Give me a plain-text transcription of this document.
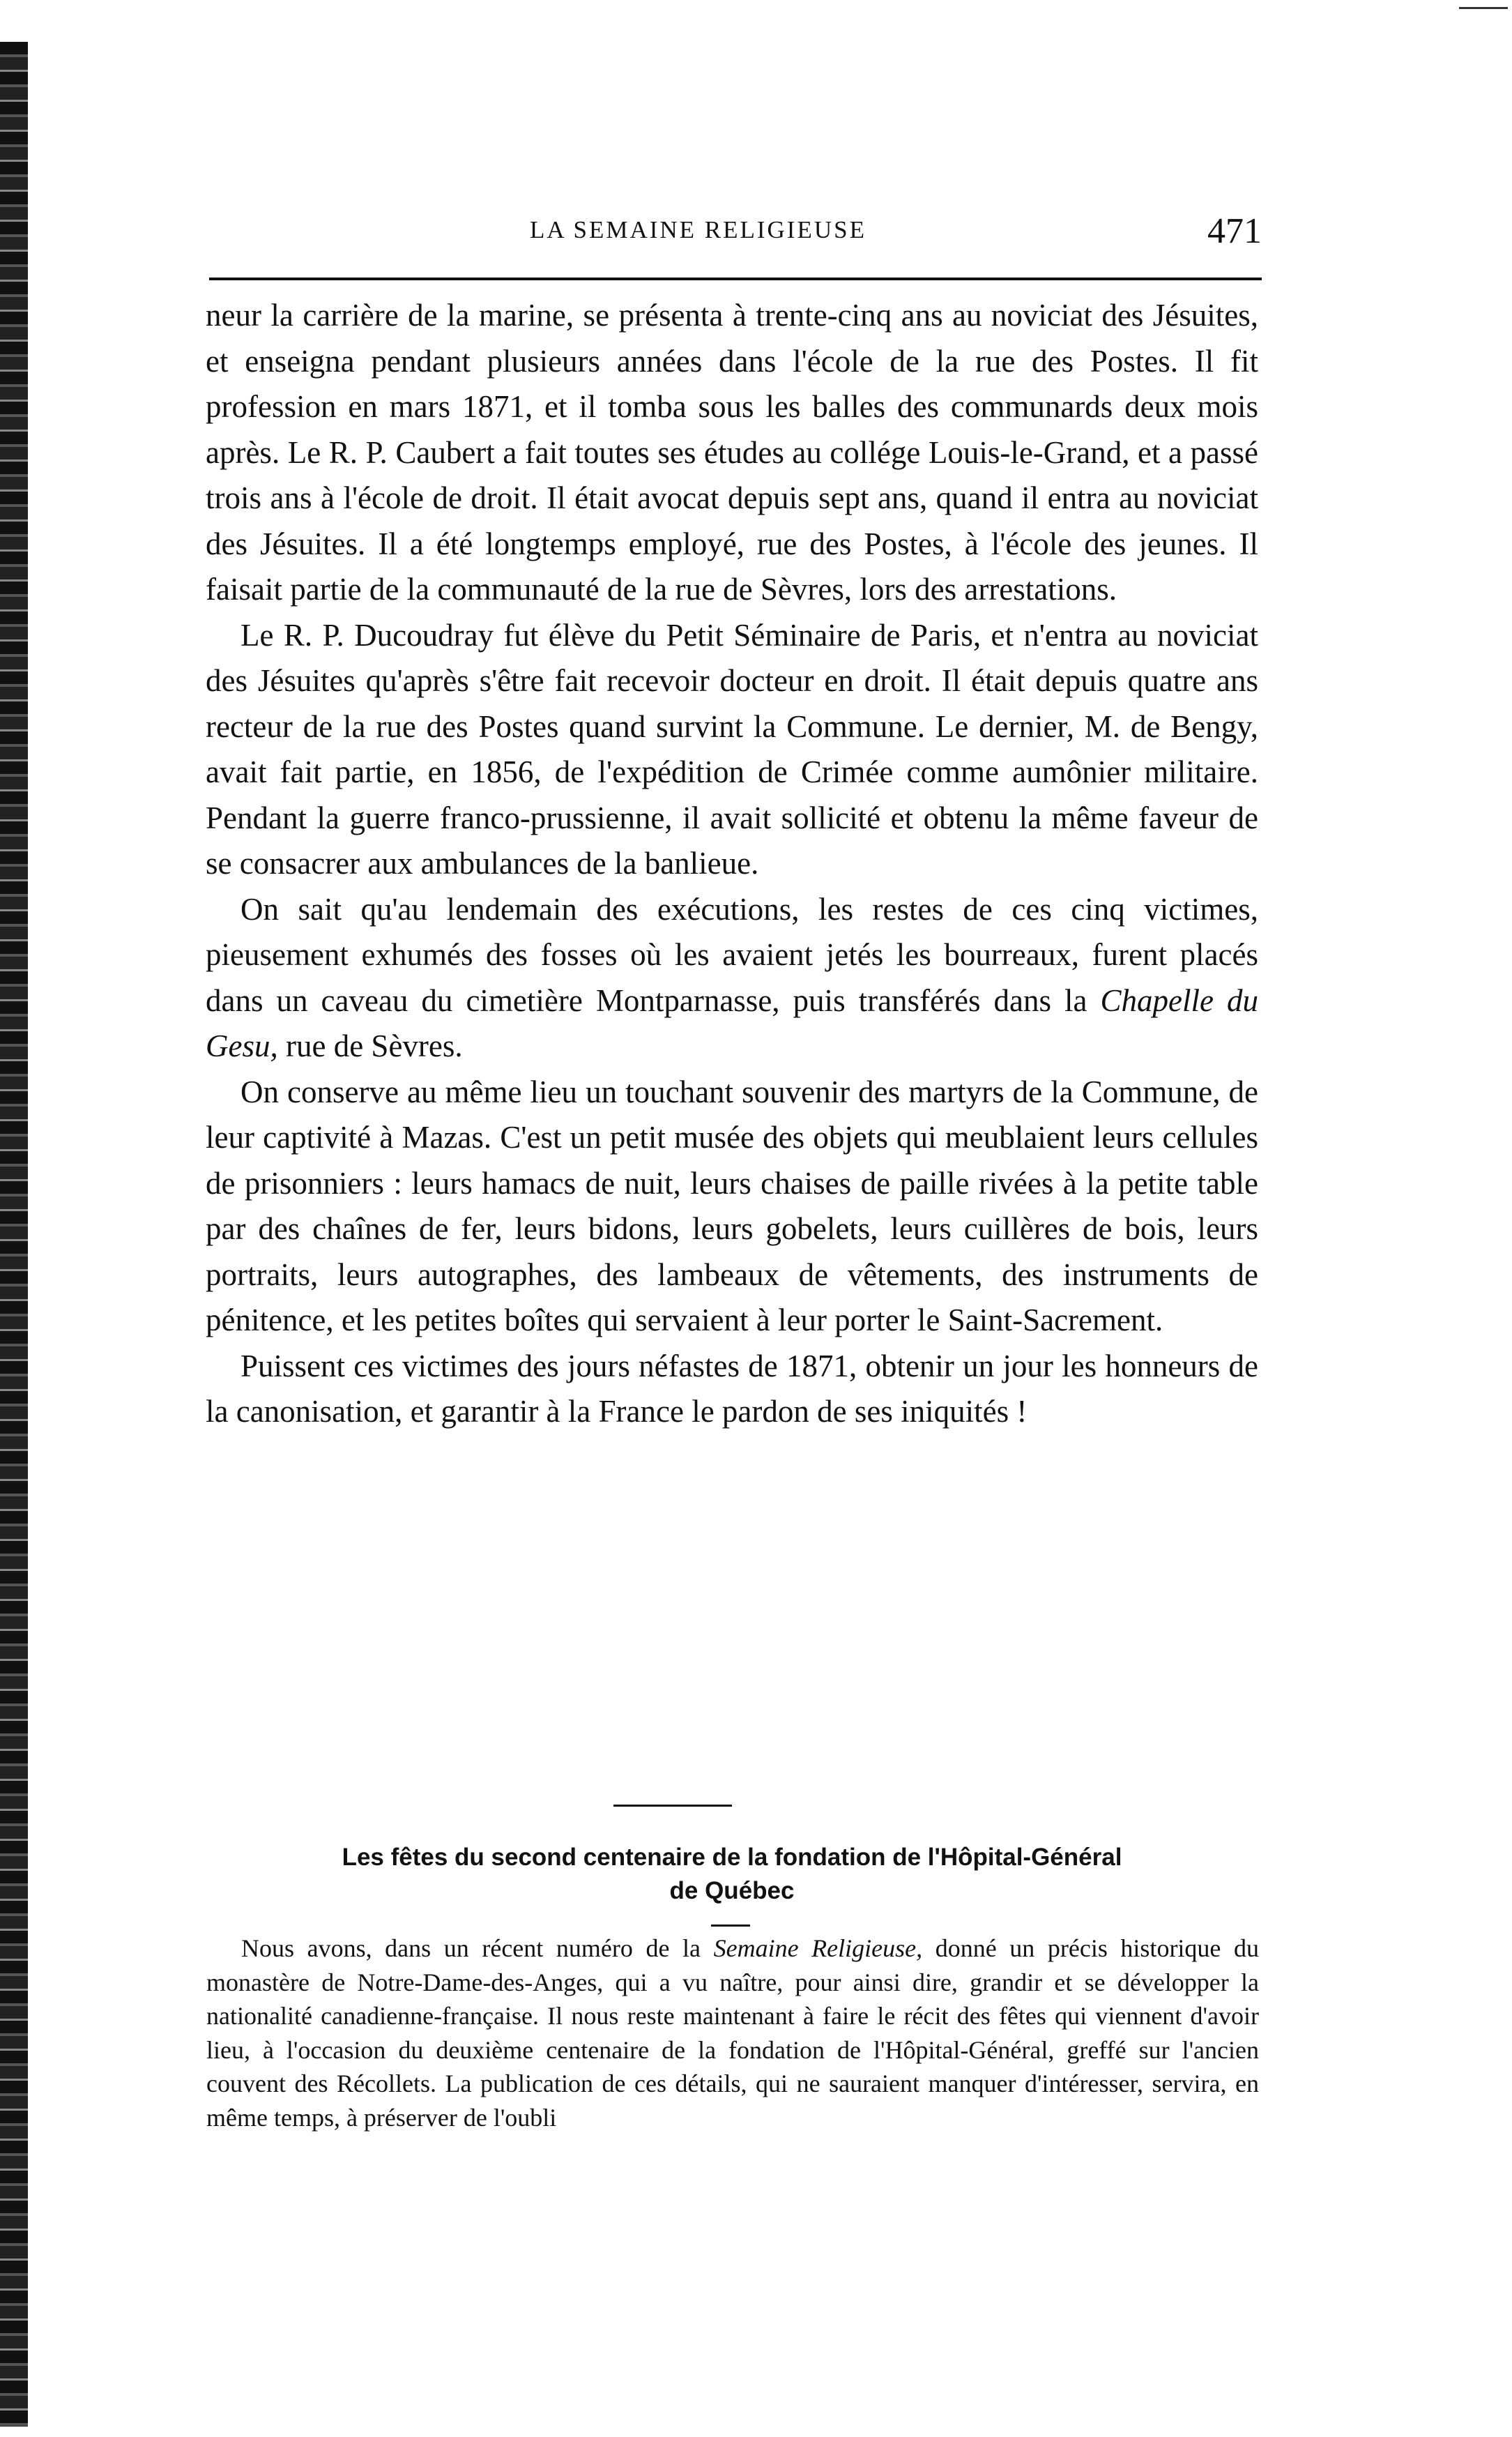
LA SEMAINE RELIGIEUSE	471

neur la carrière de la marine, se présenta à trente-cinq ans au noviciat des Jésuites, et enseigna pendant plusieurs années dans l'école de la rue des Postes. Il fit profession en mars 1871, et il tomba sous les balles des communards deux mois après. Le R. P. Caubert a fait toutes ses études au collége Louis-le-Grand, et a passé trois ans à l'école de droit. Il était avocat depuis sept ans, quand il entra au noviciat des Jésuites. Il a été longtemps employé, rue des Postes, à l'école des jeunes. Il faisait partie de la communauté de la rue de Sèvres, lors des arrestations.

Le R. P. Ducoudray fut élève du Petit Séminaire de Paris, et n'entra au noviciat des Jésuites qu'après s'être fait recevoir docteur en droit. Il était depuis quatre ans recteur de la rue des Postes quand survint la Commune. Le dernier, M. de Bengy, avait fait partie, en 1856, de l'expédition de Crimée comme aumônier militaire. Pendant la guerre franco-prussienne, il avait sollicité et obtenu la même faveur de se consacrer aux ambulances de la banlieue.

On sait qu'au lendemain des exécutions, les restes de ces cinq victimes, pieusement exhumés des fosses où les avaient jetés les bourreaux, furent placés dans un caveau du cimetière Montparnasse, puis transférés dans la Chapelle du Gesu, rue de Sèvres.

On conserve au même lieu un touchant souvenir des martyrs de la Commune, de leur captivité à Mazas. C'est un petit musée des objets qui meublaient leurs cellules de prisonniers : leurs hamacs de nuit, leurs chaises de paille rivées à la petite table par des chaînes de fer, leurs bidons, leurs gobelets, leurs cuillères de bois, leurs portraits, leurs autographes, des lambeaux de vêtements, des instruments de pénitence, et les petites boîtes qui servaient à leur porter le Saint-Sacrement.

Puissent ces victimes des jours néfastes de 1871, obtenir un jour les honneurs de la canonisation, et garantir à la France le pardon de ses iniquités !

Les fêtes du second centenaire de la fondation de l'Hôpital-Général
de Québec

Nous avons, dans un récent numéro de la Semaine Religieuse, donné un précis historique du monastère de Notre-Dame-des-Anges, qui a vu naître, pour ainsi dire, grandir et se développer la nationalité canadienne-française. Il nous reste maintenant à faire le récit des fêtes qui viennent d'avoir lieu, à l'occasion du deuxième centenaire de la fondation de l'Hôpital-Général, greffé sur l'ancien couvent des Récollets. La publication de ces détails, qui ne sauraient manquer d'intéresser, servira, en même temps, à préserver de l'oubli
